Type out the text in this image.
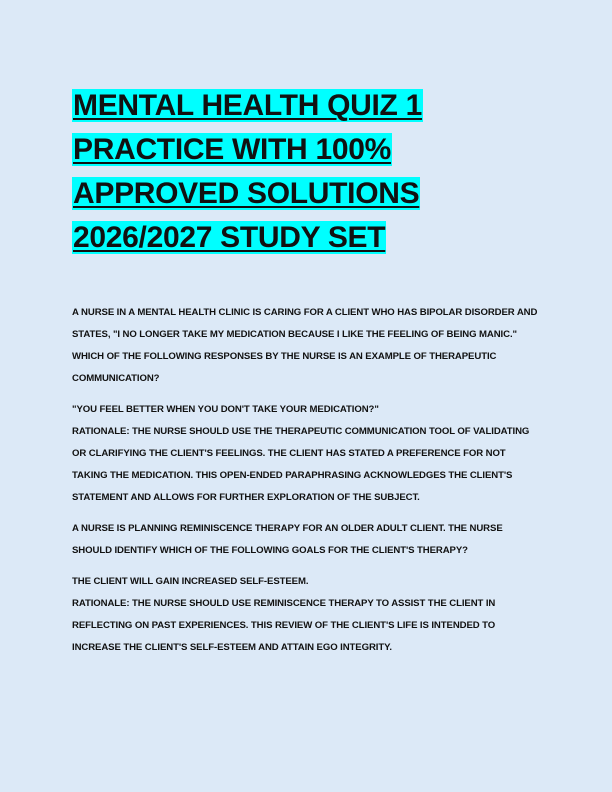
MENTAL HEALTH QUIZ 1 PRACTICE WITH 100% APPROVED SOLUTIONS 2026/2027 STUDY SET

A NURSE IN A MENTAL HEALTH CLINIC IS CARING FOR A CLIENT WHO HAS BIPOLAR DISORDER AND STATES, "I NO LONGER TAKE MY MEDICATION BECAUSE I LIKE THE FEELING OF BEING MANIC." WHICH OF THE FOLLOWING RESPONSES BY THE NURSE IS AN EXAMPLE OF THERAPEUTIC COMMUNICATION?

"YOU FEEL BETTER WHEN YOU DON'T TAKE YOUR MEDICATION?"

RATIONALE: THE NURSE SHOULD USE THE THERAPEUTIC COMMUNICATION TOOL OF VALIDATING OR CLARIFYING THE CLIENT'S FEELINGS. THE CLIENT HAS STATED A PREFERENCE FOR NOT TAKING THE MEDICATION. THIS OPEN-ENDED PARAPHRASING ACKNOWLEDGES THE CLIENT'S STATEMENT AND ALLOWS FOR FURTHER EXPLORATION OF THE SUBJECT.

A NURSE IS PLANNING REMINISCENCE THERAPY FOR AN OLDER ADULT CLIENT. THE NURSE SHOULD IDENTIFY WHICH OF THE FOLLOWING GOALS FOR THE CLIENT'S THERAPY?

THE CLIENT WILL GAIN INCREASED SELF-ESTEEM.

RATIONALE: THE NURSE SHOULD USE REMINISCENCE THERAPY TO ASSIST THE CLIENT IN REFLECTING ON PAST EXPERIENCES. THIS REVIEW OF THE CLIENT'S LIFE IS INTENDED TO INCREASE THE CLIENT'S SELF-ESTEEM AND ATTAIN EGO INTEGRITY.
